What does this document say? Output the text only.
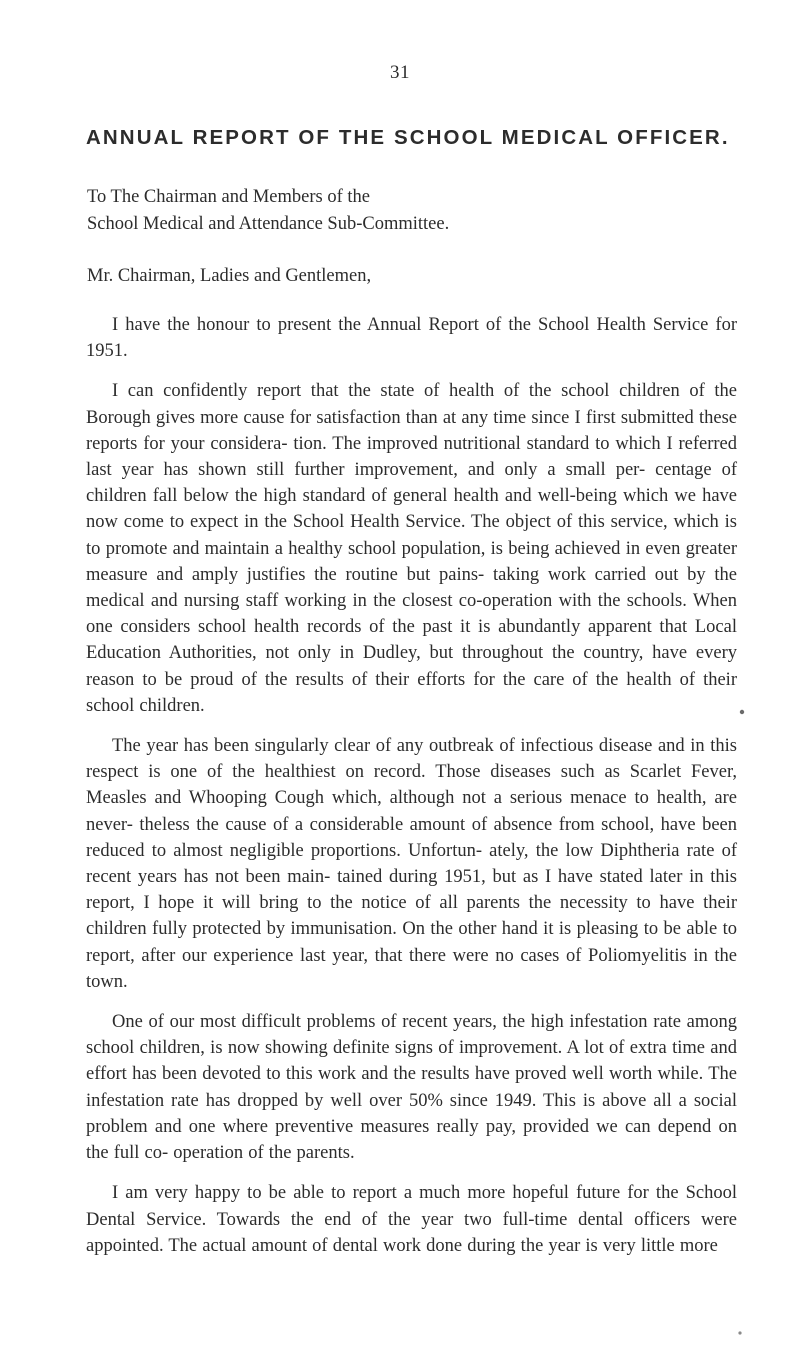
31
ANNUAL REPORT OF THE SCHOOL MEDICAL OFFICER.
To The Chairman and Members of the
School Medical and Attendance Sub-Committee.
Mr. Chairman, Ladies and Gentlemen,

I have the honour to present the Annual Report of the School Health Service for 1951.

I can confidently report that the state of health of the school children of the Borough gives more cause for satisfaction than at any time since I first submitted these reports for your considera- tion. The improved nutritional standard to which I referred last year has shown still further improvement, and only a small per- centage of children fall below the high standard of general health and well-being which we have now come to expect in the School Health Service. The object of this service, which is to promote and maintain a healthy school population, is being achieved in even greater measure and amply justifies the routine but pains- taking work carried out by the medical and nursing staff working in the closest co-operation with the schools. When one considers school health records of the past it is abundantly apparent that Local Education Authorities, not only in Dudley, but throughout the country, have every reason to be proud of the results of their efforts for the care of the health of their school children.

The year has been singularly clear of any outbreak of infectious disease and in this respect is one of the healthiest on record. Those diseases such as Scarlet Fever, Measles and Whooping Cough which, although not a serious menace to health, are never- theless the cause of a considerable amount of absence from school, have been reduced to almost negligible proportions. Unfortun- ately, the low Diphtheria rate of recent years has not been main- tained during 1951, but as I have stated later in this report, I hope it will bring to the notice of all parents the necessity to have their children fully protected by immunisation. On the other hand it is pleasing to be able to report, after our experience last year, that there were no cases of Poliomyelitis in the town.

One of our most difficult problems of recent years, the high infestation rate among school children, is now showing definite signs of improvement. A lot of extra time and effort has been devoted to this work and the results have proved well worth while. The infestation rate has dropped by well over 50% since 1949. This is above all a social problem and one where preventive measures really pay, provided we can depend on the full co- operation of the parents.

I am very happy to be able to report a much more hopeful future for the School Dental Service. Towards the end of the year two full-time dental officers were appointed. The actual amount of dental work done during the year is very little more
